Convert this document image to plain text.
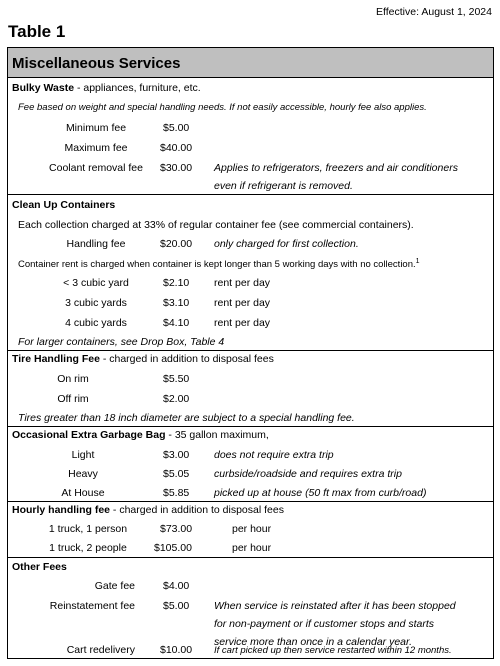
Effective: August 1, 2024
Table 1
Miscellaneous Services
Bulky Waste - appliances, furniture, etc.
Fee based on weight and special handling needs. If not easily accessible, hourly fee also applies.
Minimum fee	$5.00
Maximum fee	$40.00
Coolant removal fee	$30.00 Applies to refrigerators, freezers and air conditioners
even if refrigerant is removed.
Clean Up Containers
Each collection charged at 33% of regular container fee (see commercial containers).
Handling fee	$20.00 only charged for first collection.
Container rent is charged when container is kept longer than 5 working days with no collection.$^1$
< 3 cubic yard	$2.10 rent per day
3 cubic yards	$3.10 rent per day
4 cubic yards	$4.10 rent per day
For larger containers, see Drop Box, Table 4
Tire Handling Fee - charged in addition to disposal fees
On rim	$5.50
Off rim	$2.00
Tires greater than 18 inch diameter are subject to a special handling fee.
Occasional Extra Garbage Bag - 35 gallon maximum,
Light	$3.00 does not require extra trip
Heavy	$5.05 curbside/roadside and requires extra trip
At House	$5.85 picked up at house (50 ft max from curb/road)
Hourly handling fee - charged in addition to disposal fees
1 truck, 1 person	$73.00	per hour
1 truck, 2 people	$105.00	per hour
Other Fees
Gate fee	$4.00
Reinstatement fee	$5.00 When service is reinstated after it has been stopped
for non-payment or if customer stops and starts
service more than once in a calendar year.
Cart redelivery $10.00 If cart picked up then service restarted within 12 months.
